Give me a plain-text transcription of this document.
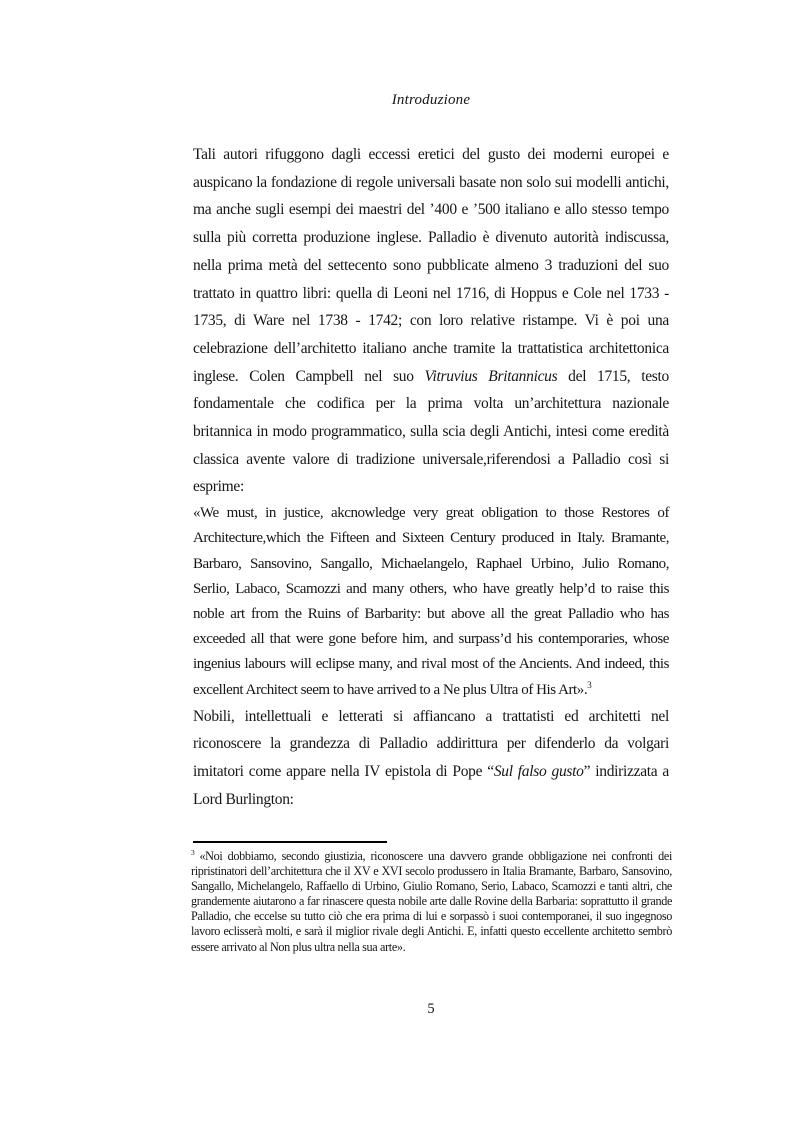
Introduzione

Tali autori rifuggono dagli eccessi eretici del gusto dei moderni europei e auspicano la fondazione di regole universali basate non solo sui modelli antichi, ma anche sugli esempi dei maestri del ’400 e ’500 italiano e allo stesso tempo sulla più corretta produzione inglese. Palladio è divenuto autorità indiscussa, nella prima metà del settecento sono pubblicate almeno 3 traduzioni del suo trattato in quattro libri: quella di Leoni nel 1716, di Hoppus e Cole nel 1733 - 1735, di Ware nel 1738 - 1742; con loro relative ristampe. Vi è poi una celebrazione dell’architetto italiano anche tramite la trattatistica architettonica inglese. Colen Campbell nel suo Vitruvius Britannicus del 1715, testo fondamentale che codifica per la prima volta un’architettura nazionale britannica in modo programmatico, sulla scia degli Antichi, intesi come eredità classica avente valore di tradizione universale,riferendosi a Palladio così si esprime:

«We must, in justice, akcnowledge very great obligation to those Restores of Architecture,which the Fifteen and Sixteen Century produced in Italy. Bramante, Barbaro, Sansovino, Sangallo, Michaelangelo, Raphael Urbino, Julio Romano, Serlio, Labaco, Scamozzi and many others, who have greatly help’d to raise this noble art from the Ruins of Barbarity: but above all the great Palladio who has exceeded all that were gone before him, and surpass’d his contemporaries, whose ingenius labours will eclipse many, and rival most of the Ancients. And indeed, this excellent Architect seem to have arrived to a Ne plus Ultra of His Art».$^3$

Nobili, intellettuali e letterati si affiancano a trattatisti ed architetti nel riconoscere la grandezza di Palladio addirittura per difenderlo da volgari imitatori come appare nella IV epistola di Pope “Sul falso gusto” indirizzata a Lord Burlington:

$^3$ «Noi dobbiamo, secondo giustizia, riconoscere una davvero grande obbligazione nei confronti dei ripristinatori dell’architettura che il XV e XVI secolo produssero in Italia Bramante, Barbaro, Sansovino, Sangallo, Michelangelo, Raffaello di Urbino, Giulio Romano, Serio, Labaco, Scamozzi e tanti altri, che grandemente aiutarono a far rinascere questa nobile arte dalle Rovine della Barbaria: soprattutto il grande Palladio, che eccelse su tutto ciò che era prima di lui e sorpassò i suoi contemporanei, il suo ingegnoso lavoro eclisserà molti, e sarà il miglior rivale degli Antichi. E, infatti questo eccellente architetto sembrò essere arrivato al Non plus ultra nella sua arte».

5
